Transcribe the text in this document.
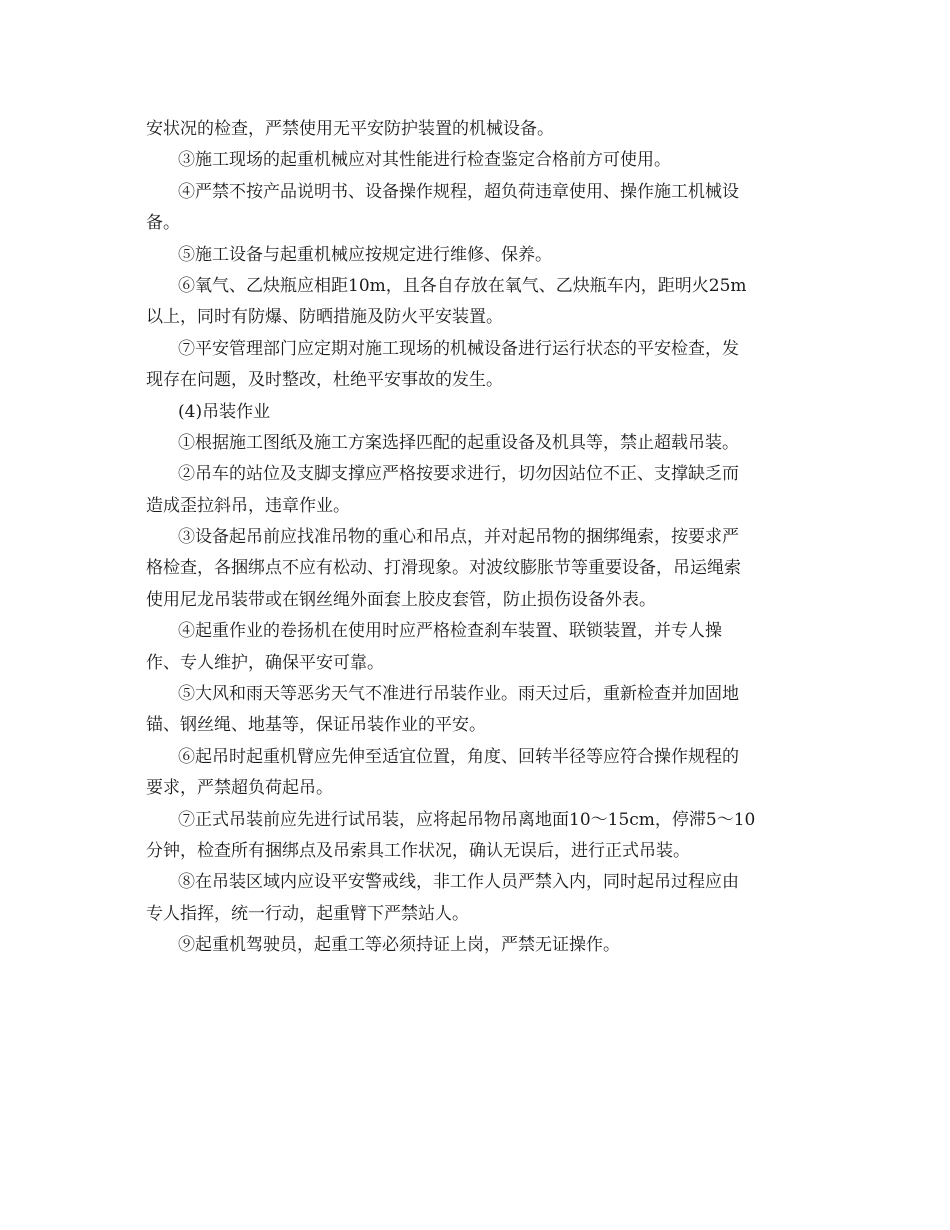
安状况的检查，严禁使用无平安防护装置的机械设备。

③施工现场的起重机械应对其性能进行检查鉴定合格前方可使用。

④严禁不按产品说明书、设备操作规程，超负荷违章使用、操作施工机械设

备。

⑤施工设备与起重机械应按规定进行维修、保养。

⑥氧气、乙炔瓶应相距10m，且各自存放在氧气、乙炔瓶车内，距明火25m

以上，同时有防爆、防晒措施及防火平安装置。

⑦平安管理部门应定期对施工现场的机械设备进行运行状态的平安检查，发

现存在问题，及时整改，杜绝平安事故的发生。

(4)吊装作业

①根据施工图纸及施工方案选择匹配的起重设备及机具等，禁止超载吊装。

②吊车的站位及支脚支撑应严格按要求进行，切勿因站位不正、支撑缺乏而

造成歪拉斜吊，违章作业。

③设备起吊前应找准吊物的重心和吊点，并对起吊物的捆绑绳索，按要求严

格检查，各捆绑点不应有松动、打滑现象。对波纹膨胀节等重要设备，吊运绳索

使用尼龙吊装带或在钢丝绳外面套上胶皮套管，防止损伤设备外表。

④起重作业的卷扬机在使用时应严格检查刹车装置、联锁装置，并专人操

作、专人维护，确保平安可靠。

⑤大风和雨天等恶劣天气不准进行吊装作业。雨天过后，重新检查并加固地

锚、钢丝绳、地基等，保证吊装作业的平安。

⑥起吊时起重机臂应先伸至适宜位置，角度、回转半径等应符合操作规程的

要求，严禁超负荷起吊。

⑦正式吊装前应先进行试吊装，应将起吊物吊离地面10～15cm，停滞5～10

分钟，检查所有捆绑点及吊索具工作状况，确认无误后，进行正式吊装。

⑧在吊装区域内应设平安警戒线，非工作人员严禁入内，同时起吊过程应由

专人指挥，统一行动，起重臂下严禁站人。

⑨起重机驾驶员，起重工等必须持证上岗，严禁无证操作。
